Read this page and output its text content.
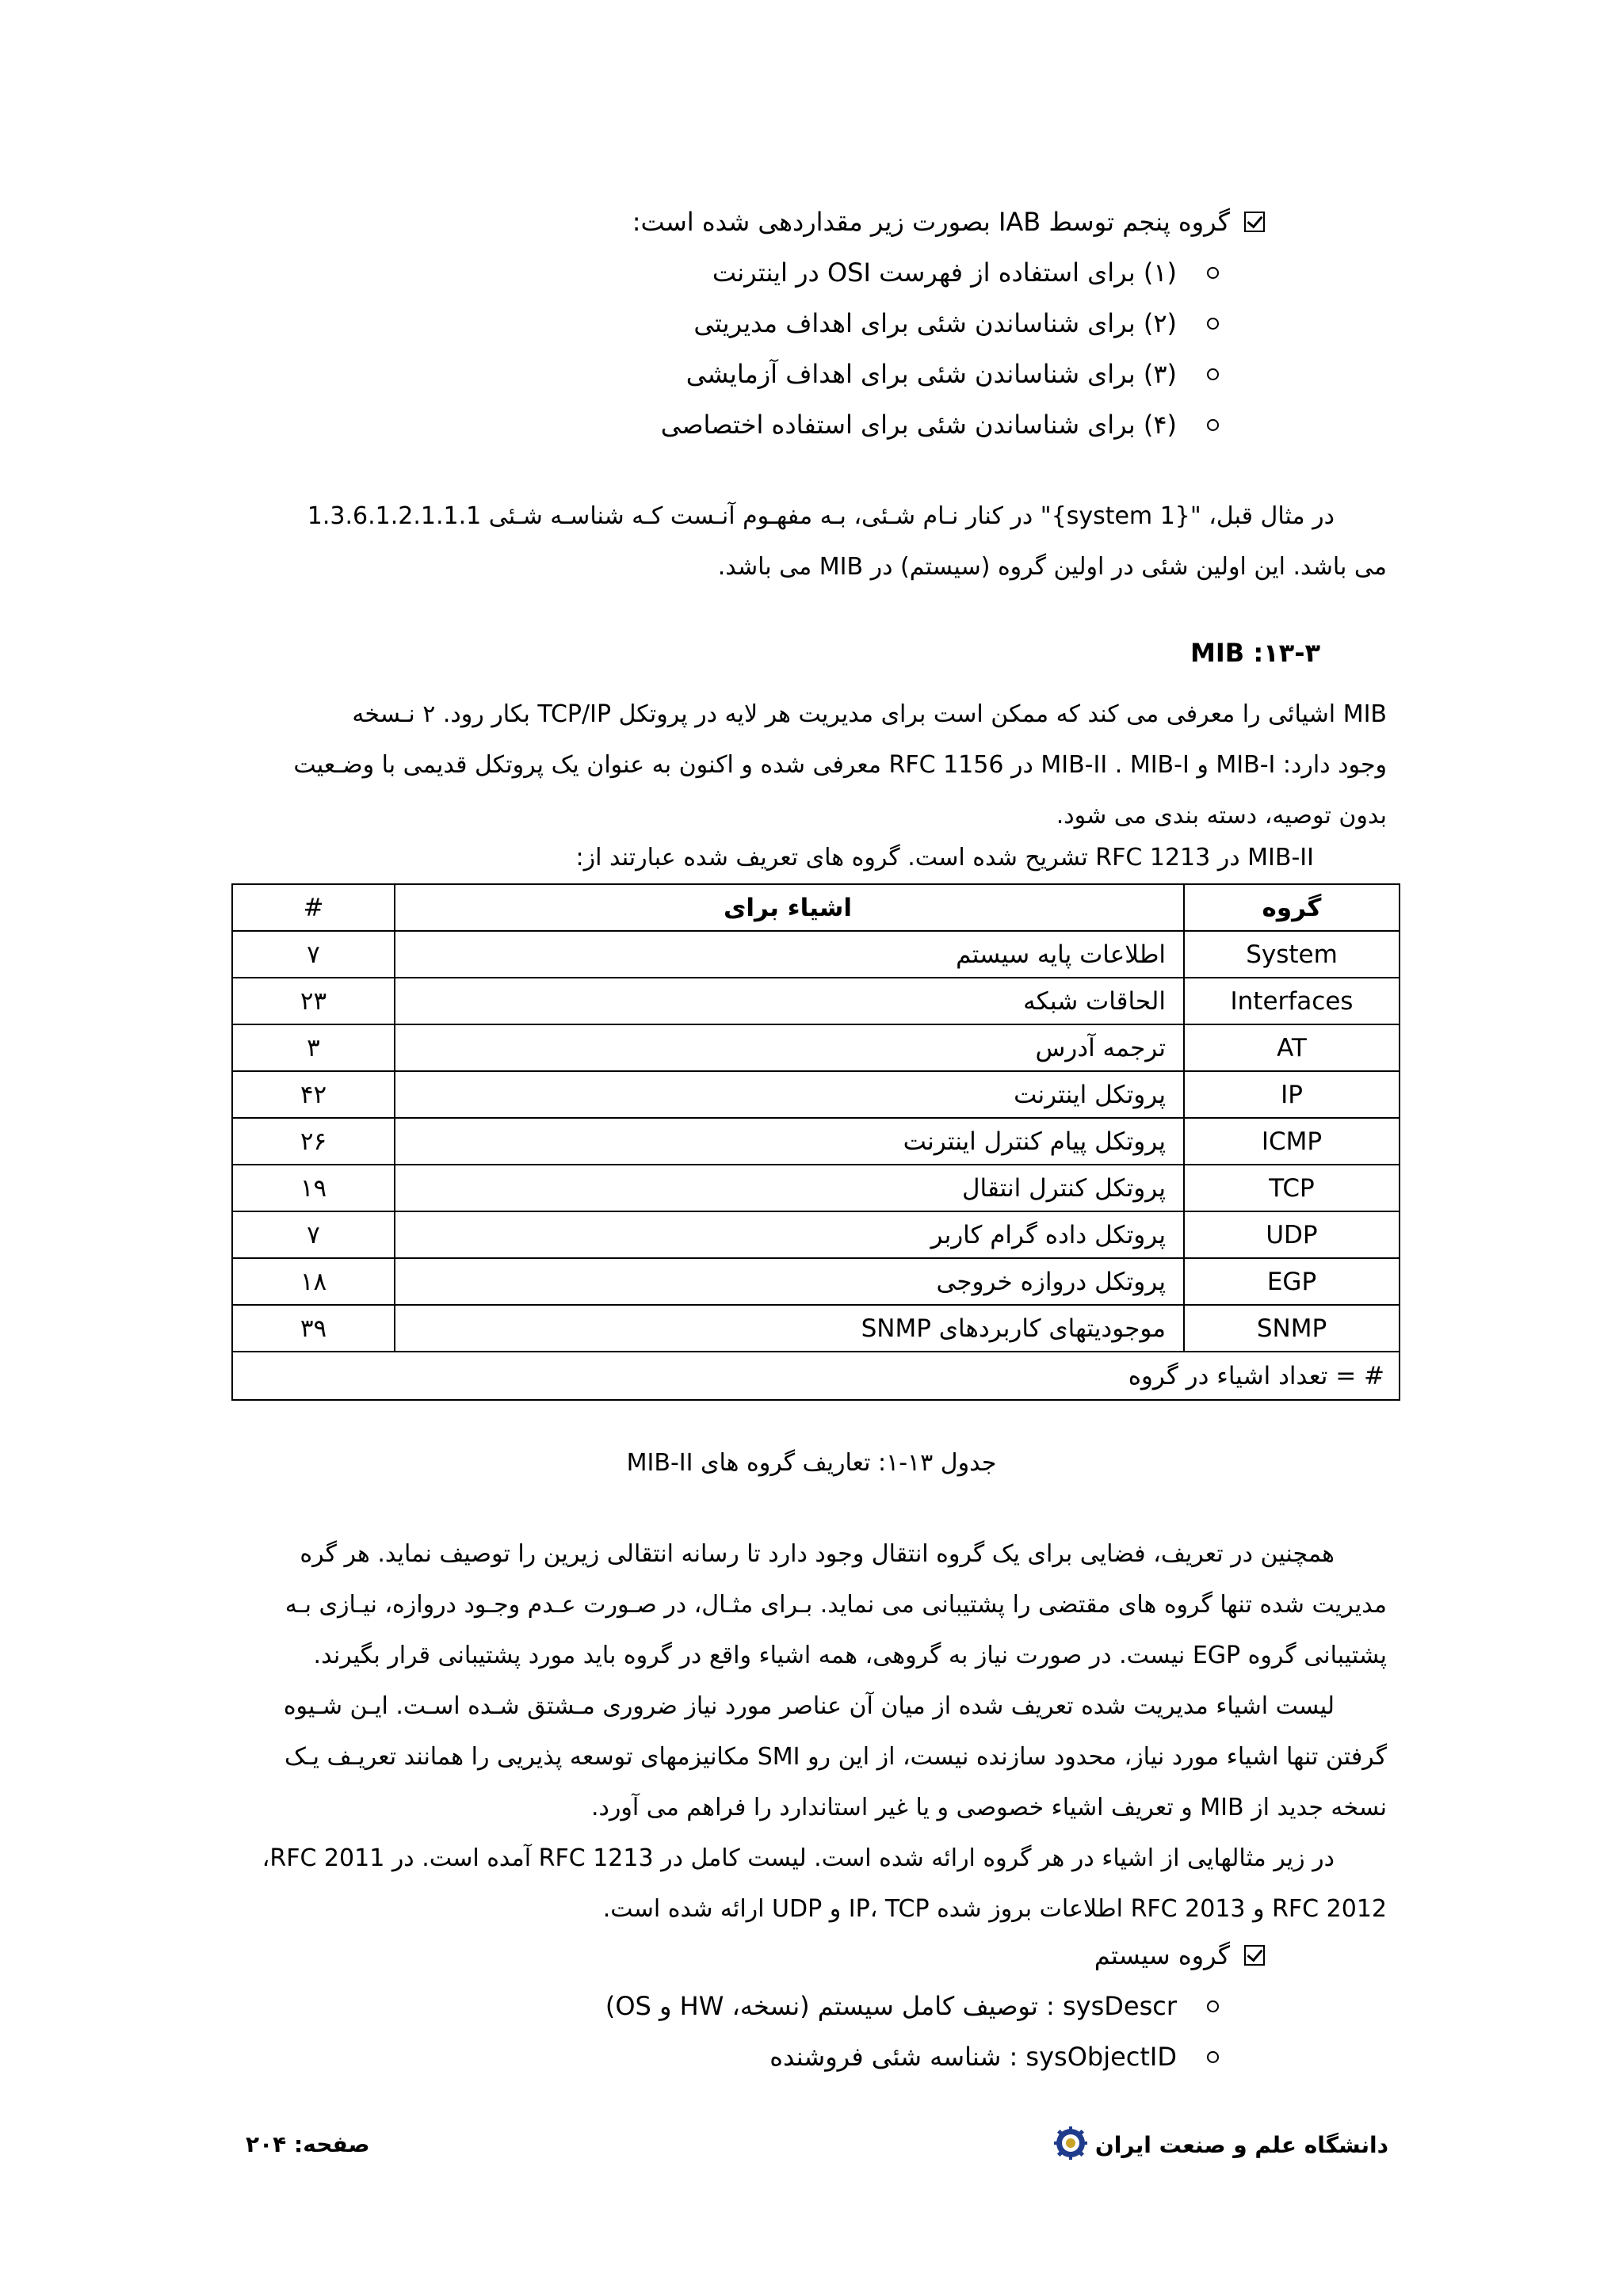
گروه پنجم توسط IAB بصورت زیر مقداردهی شده است:
(۱) برای استفاده از فهرست OSI در اینترنت
(۲) برای شناساندن شئی برای اهداف مدیریتی
(۳) برای شناساندن شئی برای اهداف آزمایشی
(۴) برای شناساندن شئی برای استفاده اختصاصی

در مثال قبل، "{system 1}" در کنار نـام شـئی، بـه مفهـوم آنـست کـه شناسـه شـئی 1.3.6.1.2.1.1.1

می باشد. این اولین شئی در اولین گروه (سیستم) در MIB می باشد.

۱۳-۳: MIB

MIB اشیائی را معرفی می کند که ممکن است برای مدیریت هر لایه در پروتکل TCP/IP بکار رود. ۲ نـسخه

وجود دارد: MIB-I و MIB-II . MIB-I در RFC 1156 معرفی شده و اکنون به عنوان یک پروتکل قدیمی با وضـعیت

بدون توصیه، دسته بندی می شود.

MIB-II در RFC 1213 تشریح شده است. گروه های تعریف شده عبارتند از:
گروه	اشیاء برای	#
System	اطلاعات پایه سیستم	۷
Interfaces	الحاقات شبکه	۲۳
AT	ترجمه آدرس	۳
IP	پروتکل اینترنت	۴۲
ICMP	پروتکل پیام کنترل اینترنت	۲۶
TCP	پروتکل کنترل انتقال	۱۹
UDP	پروتکل داده گرام کاربر	۷
EGP	پروتکل دروازه خروجی	۱۸
SNMP	موجودیتهای کاربردهای SNMP	۳۹
# = تعداد اشیاء در گروه		
جدول ۱۳-۱: تعاریف گروه های MIB-II

همچنین در تعریف، فضایی برای یک گروه انتقال وجود دارد تا رسانه انتقالی زیرین را توصیف نماید. هر گره

مدیریت شده تنها گروه های مقتضی را پشتیبانی می نماید. بـرای مثـال، در صـورت عـدم وجـود دروازه، نیـازی بـه

پشتیبانی گروه EGP نیست. در صورت نیاز به گروهی، همه اشیاء واقع در گروه باید مورد پشتیبانی قرار بگیرند.

لیست اشیاء مدیریت شده تعریف شده از میان آن عناصر مورد نیاز ضروری مـشتق شـده اسـت. ایـن شـیوه

گرفتن تنها اشیاء مورد نیاز، محدود سازنده نیست، از این رو SMI مکانیزمهای توسعه پذیریی را همانند تعریـف یـک

نسخه جدید از MIB و تعریف اشیاء خصوصی و یا غیر استاندارد را فراهم می آورد.

در زیر مثالهایی از اشیاء در هر گروه ارائه شده است. لیست کامل در RFC 1213 آمده است. در RFC 2011،

RFC 2012 و RFC 2013 اطلاعات بروز شده IP، TCP و UDP ارائه شده است.

گروه سیستم
sysDescr : توصیف کامل سیستم (نسخه، HW و OS)
sysObjectID : شناسه شئی فروشنده
صفحه: ۲۰۴	دانشگاه علم و صنعت ایران
